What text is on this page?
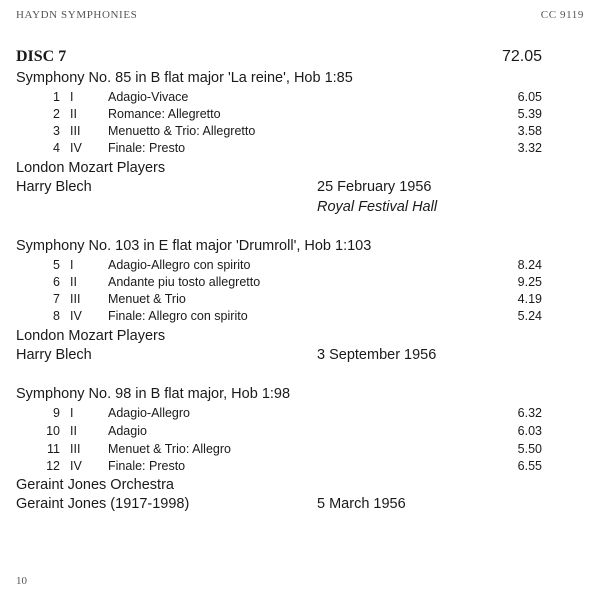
HAYDN SYMPHONIES	CC 9119
DISC 7	72.05
Symphony No. 85 in B flat major 'La reine', Hob 1:85
1 I	Adagio-Vivace	6.05
2 II Romance: Allegretto	5.39
3 III Menuetto & Trio: Allegretto	3.58
4 IV Finale: Presto	3.32
London Mozart Players
Harry Blech	25 February 1956
Royal Festival Hall
Symphony No. 103 in E flat major 'Drumroll', Hob 1:103
5 I	Adagio-Allegro con spirito	8.24
6 II Andante piu tosto allegretto	9.25
7 III Menuet & Trio	4.19
8 IV Finale: Allegro con spirito	5.24
London Mozart Players
Harry Blech	3 September 1956
Symphony No. 98 in B flat major, Hob 1:98
9 I	Adagio-Allegro	6.32
10 II Adagio	6.03
11 III Menuet & Trio: Allegro	5.50
12 IV Finale: Presto	6.55
Geraint Jones Orchestra
Geraint Jones (1917-1998)	5 March 1956
10
